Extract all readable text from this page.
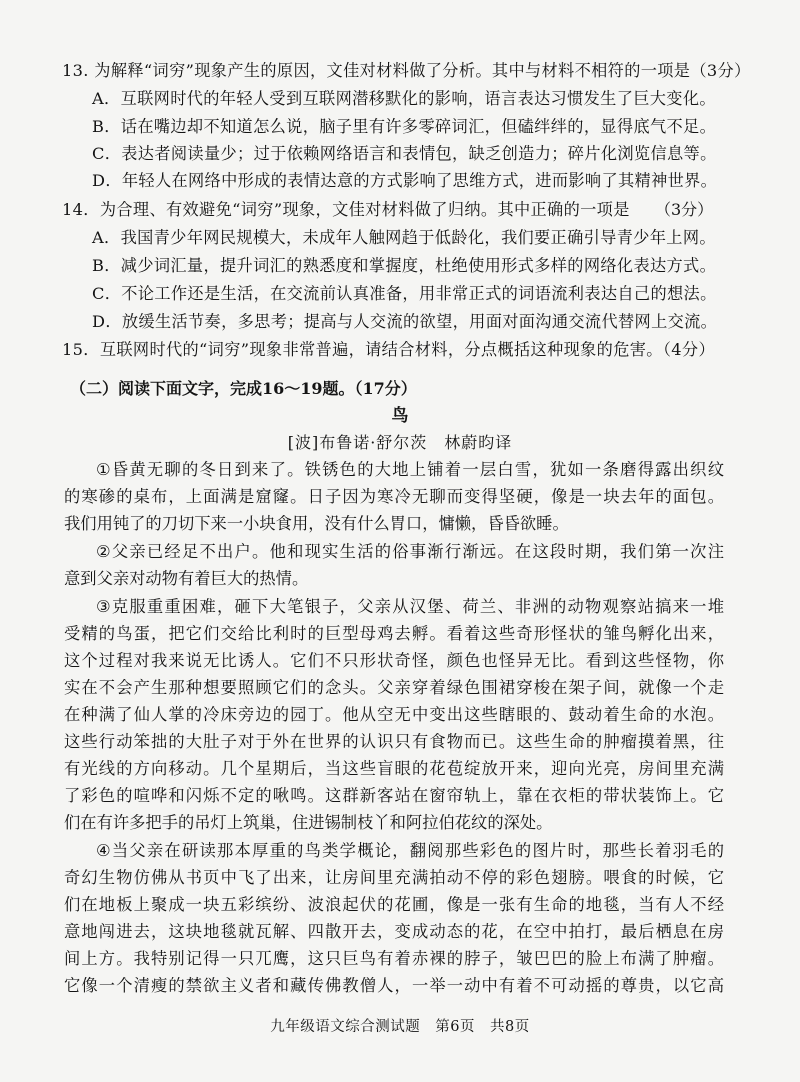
13. 为解释“词穷”现象产生的原因，文佳对材料做了分析。其中与材料不相符的一项是（3分）
A．互联网时代的年轻人受到互联网潜移默化的影响，语言表达习惯发生了巨大变化。
B．话在嘴边却不知道怎么说，脑子里有许多零碎词汇，但磕绊绊的，显得底气不足。
C．表达者阅读量少；过于依赖网络语言和表情包，缺乏创造力；碎片化浏览信息等。
D．年轻人在网络中形成的表情达意的方式影响了思维方式，进而影响了其精神世界。
14．为合理、有效避免“词穷”现象，文佳对材料做了归纳。其中正确的一项是 （3分）
A．我国青少年网民规模大，未成年人触网趋于低龄化，我们要正确引导青少年上网。
B．减少词汇量，提升词汇的熟悉度和掌握度，杜绝使用形式多样的网络化表达方式。
C．不论工作还是生活，在交流前认真准备，用非常正式的词语流利表达自己的想法。
D．放缓生活节奏，多思考；提高与人交流的欲望，用面对面沟通交流代替网上交流。
15．互联网时代的“词穷”现象非常普遍，请结合材料，分点概括这种现象的危害。（4分）
（二）阅读下面文字，完成16～19题。（17分）
鸟
[波]布鲁诺·舒尔茨　林蔚昀译
①昏黄无聊的冬日到来了。铁锈色的大地上铺着一层白雪，犹如一条磨得露出织纹
的寒碜的桌布，上面满是窟窿。日子因为寒冷无聊而变得坚硬，像是一块去年的面包。
我们用钝了的刀切下来一小块食用，没有什么胃口，慵懒，昏昏欲睡。
②父亲已经足不出户。他和现实生活的俗事渐行渐远。在这段时期，我们第一次注
意到父亲对动物有着巨大的热情。
③克服重重困难，砸下大笔银子，父亲从汉堡、荷兰、非洲的动物观察站搞来一堆
受精的鸟蛋，把它们交给比利时的巨型母鸡去孵。看着这些奇形怪状的雏鸟孵化出来，
这个过程对我来说无比诱人。它们不只形状奇怪，颜色也怪异无比。看到这些怪物，你
实在不会产生那种想要照顾它们的念头。父亲穿着绿色围裙穿梭在架子间，就像一个走
在种满了仙人掌的冷床旁边的园丁。他从空无中变出这些瞎眼的、鼓动着生命的水泡。
这些行动笨拙的大肚子对于外在世界的认识只有食物而已。这些生命的肿瘤摸着黑，往
有光线的方向移动。几个星期后，当这些盲眼的花苞绽放开来，迎向光亮，房间里充满
了彩色的喧哗和闪烁不定的啾鸣。这群新客站在窗帘轨上，靠在衣柜的带状装饰上。它
们在有许多把手的吊灯上筑巢，住进锡制枝丫和阿拉伯花纹的深处。
④当父亲在研读那本厚重的鸟类学概论，翻阅那些彩色的图片时，那些长着羽毛的
奇幻生物仿佛从书页中飞了出来，让房间里充满拍动不停的彩色翅膀。喂食的时候，它
们在地板上聚成一块五彩缤纷、波浪起伏的花圃，像是一张有生命的地毯，当有人不经
意地闯进去，这块地毯就瓦解、四散开去，变成动态的花，在空中拍打，最后栖息在房
间上方。我特别记得一只兀鹰，这只巨鸟有着赤裸的脖子，皱巴巴的脸上布满了肿瘤。
它像一个清瘦的禁欲主义者和藏传佛教僧人，一举一动中有着不可动摇的尊贵，以它高
九年级语文综合测试题　第6页　共8页
